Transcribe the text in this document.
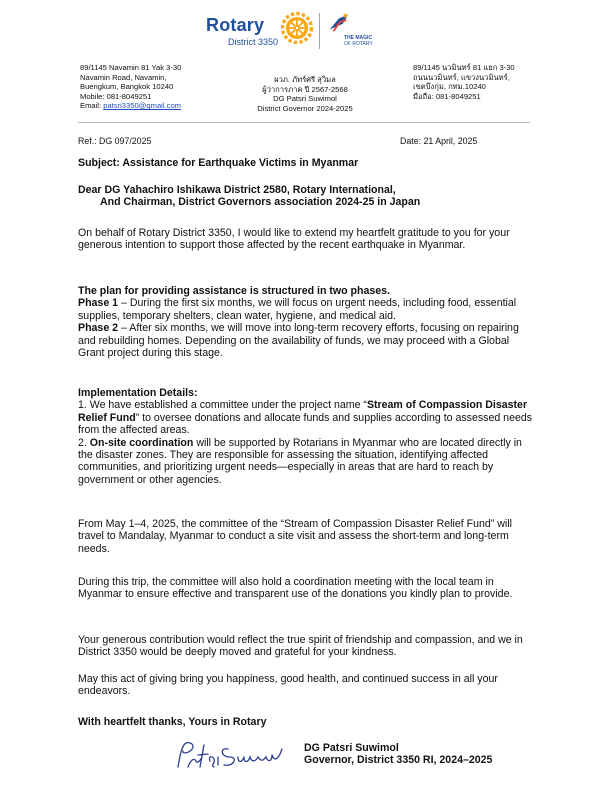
Rotary
District 3350	THE MAGIC
OF ROTARY
89/1145 Navamin 81 Yak 3-30
Navamin Road, Navamin,
Buengkum, Bangkok 10240
Mobile: 081-8049251
Email: patsri3350@gmail.com
ผวภ. ภัทร์ศรี สุวิมล
ผู้ว่าการภาค ปี 2567-2568
DG Patsri Suwimol
District Governor 2024-2025
89/1145 นวมินทร์ 81 แยก 3-30
ถนนนวมินทร์, แขวงนวมินทร์,
เขตบึงกุ่ม, กทม.10240
มือถือ: 081-8049251
Ref.: DG 097/2025	Date: 21 April, 2025
Subject: Assistance for Earthquake Victims in Myanmar
Dear DG Yahachiro Ishikawa District 2580, Rotary International,
And Chairman, District Governors association 2024-25 in Japan
On behalf of Rotary District 3350, I would like to extend my heartfelt gratitude to you for your generous intention to support those affected by the recent earthquake in Myanmar.
The plan for providing assistance is structured in two phases.
Phase 1 – During the first six months, we will focus on urgent needs, including food, essential supplies, temporary shelters, clean water, hygiene, and medical aid.
Phase 2 – After six months, we will move into long-term recovery efforts, focusing on repairing and rebuilding homes. Depending on the availability of funds, we may proceed with a Global Grant project during this stage.
Implementation Details:
1. We have established a committee under the project name “Stream of Compassion Disaster Relief Fund” to oversee donations and allocate funds and supplies according to assessed needs from the affected areas.
2. On-site coordination will be supported by Rotarians in Myanmar who are located directly in the disaster zones. They are responsible for assessing the situation, identifying affected communities, and prioritizing urgent needs—especially in areas that are hard to reach by government or other agencies.
From May 1–4, 2025, the committee of the “Stream of Compassion Disaster Relief Fund” will travel to Mandalay, Myanmar to conduct a site visit and assess the short-term and long-term needs.
During this trip, the committee will also hold a coordination meeting with the local team in Myanmar to ensure effective and transparent use of the donations you kindly plan to provide.
Your generous contribution would reflect the true spirit of friendship and compassion, and we in District 3350 would be deeply moved and grateful for your kindness.
May this act of giving bring you happiness, good health, and continued success in all your endeavors.
With heartfelt thanks, Yours in Rotary
DG Patsri Suwimol
Governor, District 3350 RI, 2024–2025
